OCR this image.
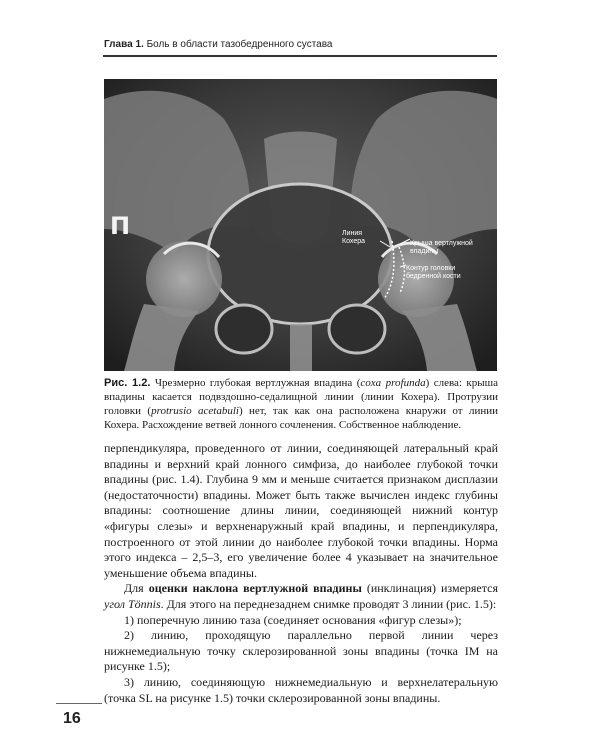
Глава 1. Боль в области тазобедренного сустава
П	Линия
Кохера	Крыша вертлужной
впадины
Контур головки
бедренной кости
Рис. 1.2. Чрезмерно глубокая вертлужная впадина (coxa profunda) слева: крыша впадины касается подвздошно-седалищной линии (линии Кохера). Протрузии головки (protrusio acetabuli) нет, так как она расположена кнаружи от линии Кохера. Расхождение ветвей лонного сочленения. Собственное наблюдение.

перпендикуляра, проведенного от линии, соединяющей латеральный край впадины и верхний край лонного симфиза, до наиболее глубокой точки впадины (рис. 1.4). Глубина 9 мм и меньше считается признаком дисплазии (недостаточности) впадины. Может быть также вычислен индекс глубины впадины: соотношение длины линии, соединяющей нижний контур «фигуры слезы» и верхненаружный край впадины, и перпендикуляра, построенного от этой линии до наиболее глубокой точки впадины. Норма этого индекса – 2,5–3, его увеличение более 4 указывает на значительное уменьшение объема впадины.

Для оценки наклона вертлужной впадины (инклинация) измеряется угол Tönnis. Для этого на переднезаднем снимке проводят 3 линии (рис. 1.5):

1) поперечную линию таза (соединяет основания «фигур слезы»);

2) линию, проходящую параллельно первой линии через нижнемедиальную точку склерозированной зоны впадины (точка IM на рисунке 1.5);

3) линию, соединяющую нижнемедиальную и верхнелатеральную (точка SL на рисунке 1.5) точки склерозированной зоны впадины.

16
